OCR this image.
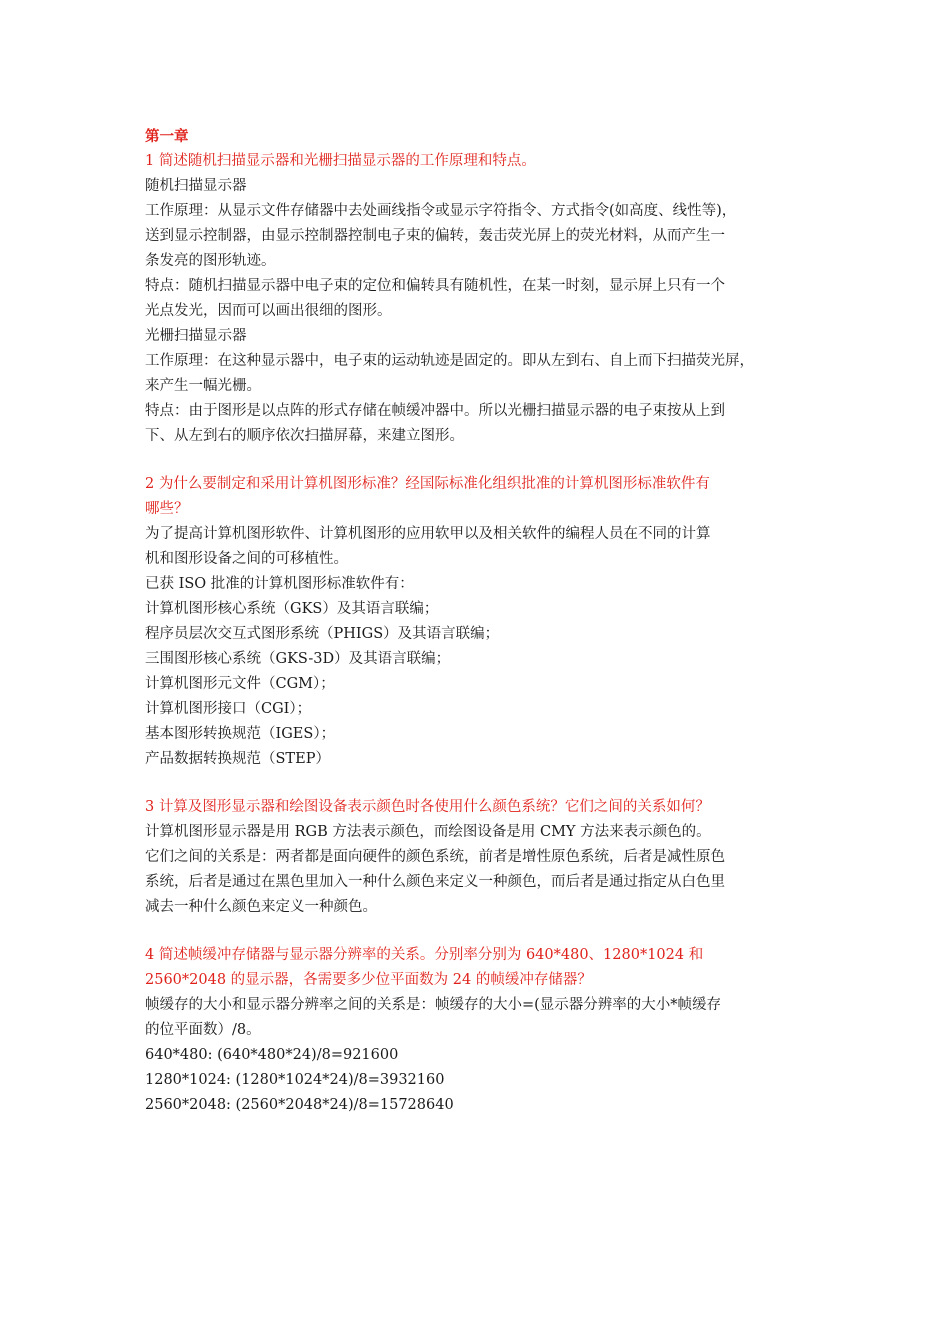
第一章
1 简述随机扫描显示器和光栅扫描显示器的工作原理和特点。
随机扫描显示器
工作原理：从显示文件存储器中去处画线指令或显示字符指令、方式指令(如高度、线性等)，
送到显示控制器，由显示控制器控制电子束的偏转，轰击荧光屏上的荧光材料，从而产生一
条发亮的图形轨迹。
特点：随机扫描显示器中电子束的定位和偏转具有随机性，在某一时刻，显示屏上只有一个
光点发光，因而可以画出很细的图形。
光栅扫描显示器
工作原理：在这种显示器中，电子束的运动轨迹是固定的。即从左到右、自上而下扫描荧光屏，
来产生一幅光栅。
特点：由于图形是以点阵的形式存储在帧缓冲器中。所以光栅扫描显示器的电子束按从上到
下、从左到右的顺序依次扫描屏幕，来建立图形。
2 为什么要制定和采用计算机图形标准？经国际标准化组织批准的计算机图形标准软件有
哪些？
为了提高计算机图形软件、计算机图形的应用软甲以及相关软件的编程人员在不同的计算
机和图形设备之间的可移植性。
已获 ISO 批准的计算机图形标准软件有：
计算机图形核心系统（GKS）及其语言联编；
程序员层次交互式图形系统（PHIGS）及其语言联编；
三围图形核心系统（GKS-3D）及其语言联编；
计算机图形元文件（CGM）；
计算机图形接口（CGI）；
基本图形转换规范（IGES）；
产品数据转换规范（STEP）
3 计算及图形显示器和绘图设备表示颜色时各使用什么颜色系统？它们之间的关系如何？
计算机图形显示器是用 RGB 方法表示颜色，而绘图设备是用 CMY 方法来表示颜色的。
它们之间的关系是：两者都是面向硬件的颜色系统，前者是增性原色系统，后者是减性原色
系统，后者是通过在黑色里加入一种什么颜色来定义一种颜色，而后者是通过指定从白色里
减去一种什么颜色来定义一种颜色。
4 简述帧缓冲存储器与显示器分辨率的关系。分别率分别为 640*480、1280*1024 和
2560*2048 的显示器，各需要多少位平面数为 24 的帧缓冲存储器？
帧缓存的大小和显示器分辨率之间的关系是：帧缓存的大小=(显示器分辨率的大小*帧缓存
的位平面数）/8。
640*480: (640*480*24)/8=921600
1280*1024: (1280*1024*24)/8=3932160
2560*2048: (2560*2048*24)/8=15728640
